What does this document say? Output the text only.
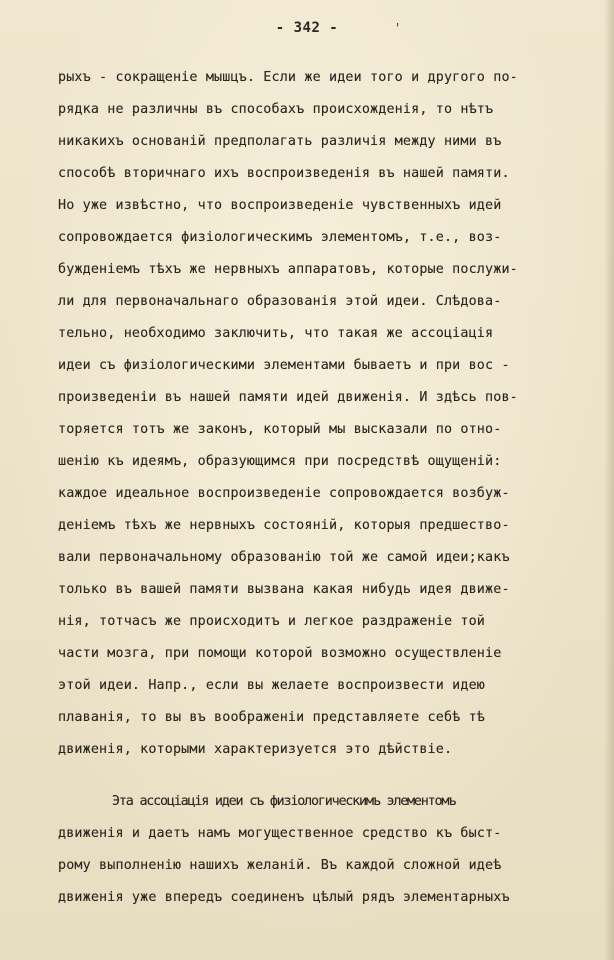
- 342 -	'
рыхъ - сокращеніе мышцъ. Если же идеи того и другого по-
рядка не различны въ способахъ происхожденія, то нѣтъ
никакихъ основаній предполагать различія между ними въ
способѣ вторичнаго ихъ воспроизведенія въ нашей памяти.
Но уже извѣстно, что воспроизведеніе чувственныхъ идей
сопровождается физіологическимъ элементомъ, т.е., воз-
бужденіемъ тѣхъ же нервныхъ аппаратовъ, которые послужи-
ли для первоначальнаго образованія этой идеи. Слѣдова-
тельно, необходимо заключить, что такая же ассоціація
идеи съ физіологическими элементами бываетъ и при вос -
произведеніи въ нашей памяти идей движенія. И здѣсь пов-
торяется тотъ же законъ, который мы высказали по отно-
шенію къ идеямъ, образующимся при посредствѣ ощущеній:
каждое идеальное воспроизведеніе сопровождается возбуж-
деніемъ тѣхъ же нервныхъ состояній, которыя предшество-
вали первоначальному образованію той же самой идеи;какъ
только въ вашей памяти вызвана какая нибудь идея движе-
нія, тотчасъ же происходитъ и легкое раздраженіе той
части мозга, при помощи которой возможно осуществленіе
этой идеи. Напр., если вы желаете воспроизвести идею
плаванія, то вы въ воображеніи представляете себѣ тѣ
движенія, которыми характеризуется это дѣйствіе.
Эта ассоціація идеи съ физіологическимъ элементомъ
движенія и даетъ намъ могущественное средство къ быст-
рому выполненію нашихъ желаній. Въ каждой сложной идеѣ
движенія уже впередъ соединенъ цѣлый рядъ элементарныхъ
